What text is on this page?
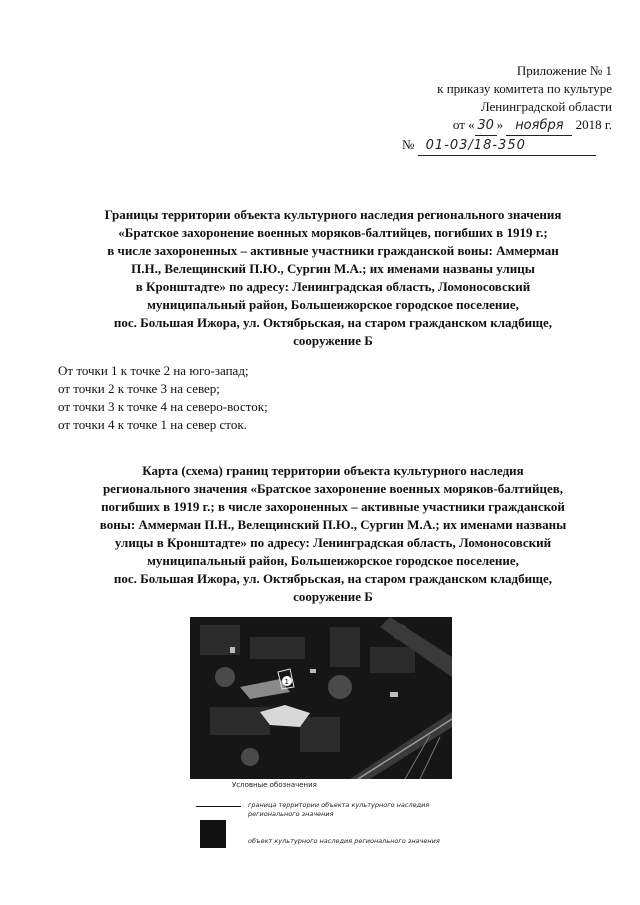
Приложение № 1
к приказу комитета по культуре
Ленинградской области
от « 30 » ноября 2018 г.
№ 01-03/18-350
Границы территории объекта культурного наследия регионального значения
«Братское захоронение военных моряков-балтийцев, погибших в 1919 г.;
в числе захороненных – активные участники гражданской воны: Аммерман
П.Н., Велещинский П.Ю., Сургин М.А.; их именами названы улицы
в Кронштадте» по адресу: Ленинградская область, Ломоносовский
муниципальный район, Большеижорское городское поселение,
пос. Большая Ижора, ул. Октябрьская, на старом гражданском кладбище,
сооружение Б
От точки 1 к точке 2 на юго-запад;
от точки 2 к точке 3 на север;
от точки 3 к точке 4 на северо-восток;
от точки 4 к точке 1 на север сток.
Карта (схема) границ территории объекта культурного наследия
регионального значения «Братское захоронение военных моряков-балтийцев,
погибших в 1919 г.; в числе захороненных – активные участники гражданской
воны: Аммерман П.Н., Велещинский П.Ю., Сургин М.А.; их именами названы
улицы в Кронштадте» по адресу: Ленинградская область, Ломоносовский
муниципальный район, Большеижорское городское поселение,
пос. Большая Ижора, ул. Октябрьская, на старом гражданском кладбище,
сооружение Б
1
Условные обозначения
граница территории объекта культурного наследия
регионального значения
объект культурного наследия регионального значения
